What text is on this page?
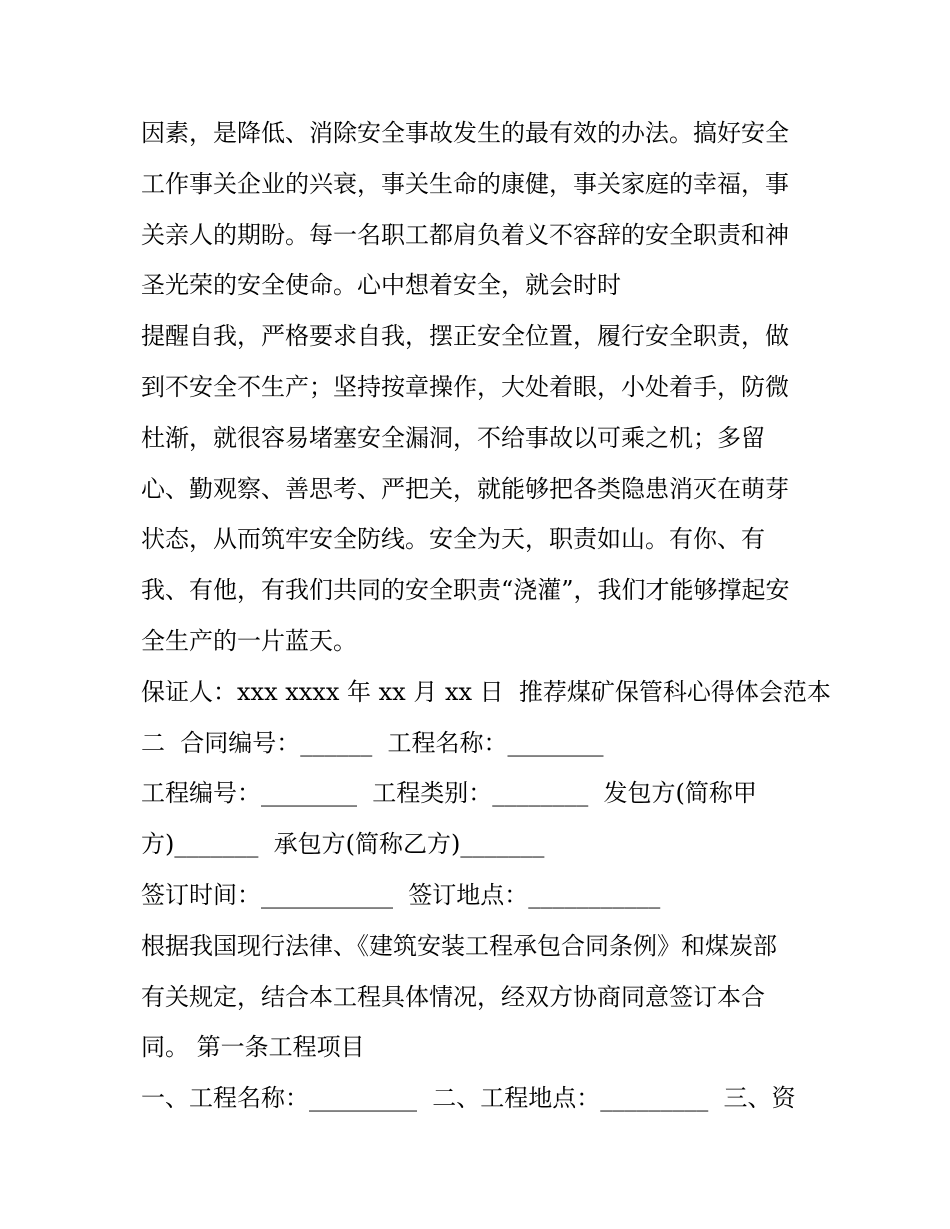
因素，是降低、消除安全事故发生的最有效的办法。搞好安全
工作事关企业的兴衰，事关生命的康健，事关家庭的幸福，事
关亲人的期盼。每一名职工都肩负着义不容辞的安全职责和神
圣光荣的安全使命。心中想着安全，就会时时
提醒自我，严格要求自我，摆正安全位置，履行安全职责，做
到不安全不生产；坚持按章操作，大处着眼，小处着手，防微
杜渐，就很容易堵塞安全漏洞，不给事故以可乘之机；多留
心、勤观察、善思考、严把关，就能够把各类隐患消灭在萌芽
状态，从而筑牢安全防线。安全为天，职责如山。有你、有
我、有他，有我们共同的安全职责“浇灌”，我们才能够撑起安
全生产的一片蓝天。
保证人：xxx xxxx 年 xx 月 xx 日  推荐煤矿保管科心得体会范本
二  合同编号：______  工程名称：________
工程编号：________  工程类别：________  发包方(简称甲
方)_______  承包方(简称乙方)_______
签订时间：___________  签订地点：___________
根据我国现行法律、《建筑安装工程承包合同条例》和煤炭部
有关规定，结合本工程具体情况，经双方协商同意签订本合
同。 第一条工程项目
一、工程名称：_________  二、工程地点：_________  三、资
